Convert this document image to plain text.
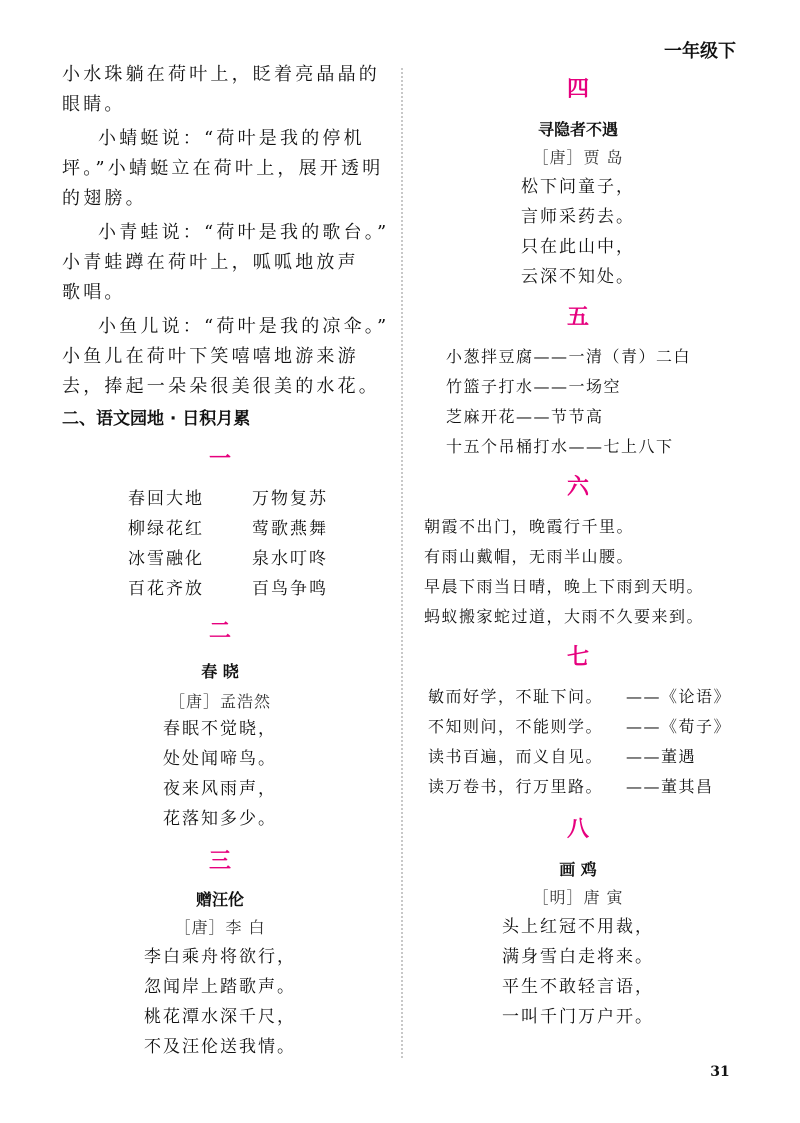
一年级下

小水珠躺在荷叶上，眨着亮晶晶的

眼睛。

小蜻蜓说：“荷叶是我的停机

坪。”小蜻蜓立在荷叶上，展开透明

的翅膀。

小青蛙说：“荷叶是我的歌台。”

小青蛙蹲在荷叶上，呱呱地放声

歌唱。

小鱼儿说：“荷叶是我的凉伞。”

小鱼儿在荷叶下笑嘻嘻地游来游

去，捧起一朵朵很美很美的水花。

二、语文园地 · 日积月累

一
春回大地	万物复苏
柳绿花红	莺歌燕舞
冰雪融化	泉水叮咚
百花齐放	百鸟争鸣
二
春 晓
［唐］孟浩然
春眠不觉晓，
处处闻啼鸟。
夜来风雨声，
花落知多少。
三
赠汪伦
［唐］李 白
李白乘舟将欲行，
忽闻岸上踏歌声。
桃花潭水深千尺，
不及汪伦送我情。
四
寻隐者不遇
［唐］贾 岛
松下问童子，
言师采药去。
只在此山中，
云深不知处。
五
小葱拌豆腐——一清（青）二白
竹篮子打水——一场空
芝麻开花——节节高
十五个吊桶打水——七上八下
六
朝霞不出门，晚霞行千里。
有雨山戴帽，无雨半山腰。
早晨下雨当日晴，晚上下雨到天明。
蚂蚁搬家蛇过道，大雨不久要来到。
七
敏而好学，不耻下问。 ——《论语》
不知则问，不能则学。 ——《荀子》
读书百遍，而义自见。 ——董遇
读万卷书，行万里路。 ——董其昌
八
画 鸡
［明］唐 寅
头上红冠不用裁，
满身雪白走将来。
平生不敢轻言语，
一叫千门万户开。
31
